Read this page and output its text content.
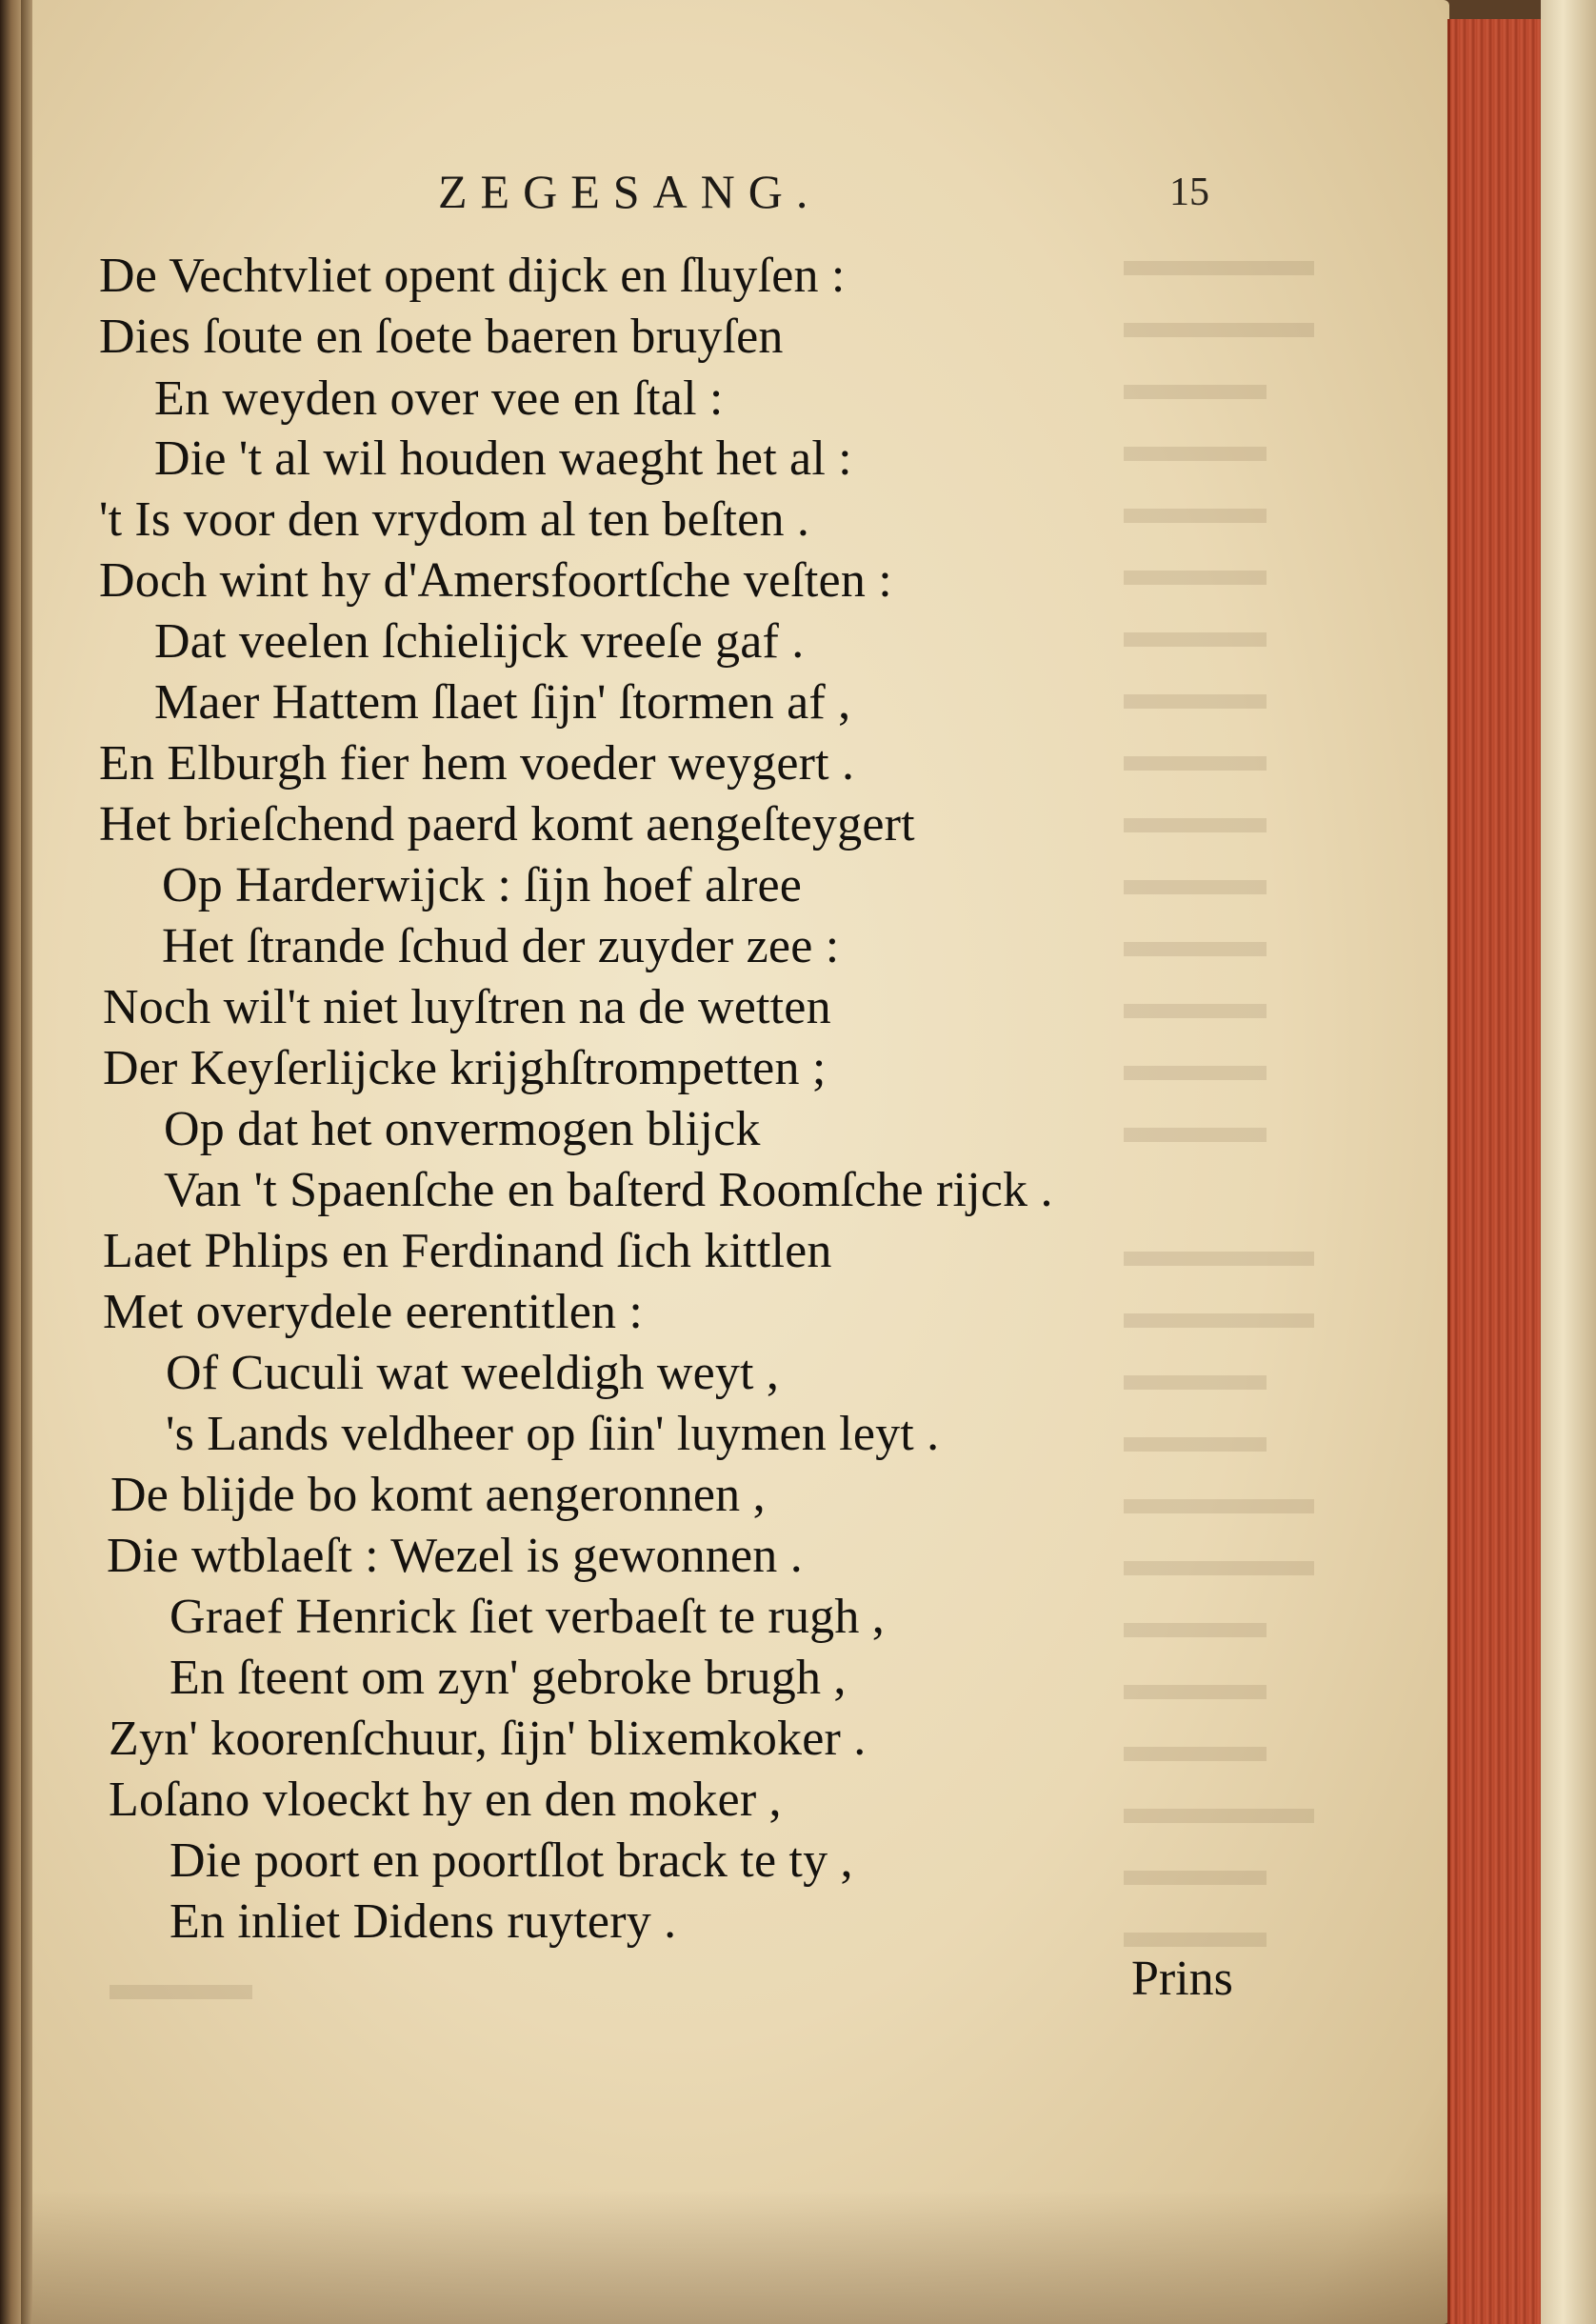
▬▬▬
ZEGESANG.	15
De Vechtvliet opent dijck en ſluyſen :
Dies ſoute en ſoete baeren bruyſen
En weyden over vee en ſtal :
Die 't al wil houden waeght het al :
't Is voor den vrydom al ten beſten .
Doch wint hy d'Amersfoortſche veſten :
Dat veelen ſchielijck vreeſe gaf .
Maer Hattem ſlaet ſijn' ſtormen af ,
En Elburgh fier hem voeder weygert .
Het brieſchend paerd komt aengeſteygert
Op Harderwijck : ſijn hoef alree
Het ſtrande ſchud der zuyder zee :
Noch wil't niet luyſtren na de wetten
Der Keyſerlijcke krijghſtrompetten ;
Op dat het onvermogen blijck
Van 't Spaenſche en baſterd Roomſche rijck .
Laet Phlips en Ferdinand ſich kittlen
Met overydele eerentitlen :
Of Cuculi wat weeldigh weyt ,
's Lands veldheer op ſiin' luymen leyt .
De blijde bo komt aengeronnen ,
Die wtblaeſt : Wezel is gewonnen .
Graef Henrick ſiet verbaeſt te rugh ,
En ſteent om zyn' gebroke brugh ,
Zyn' koorenſchuur, ſijn' blixemkoker .
Loſano vloeckt hy en den moker ,
Die poort en poortſlot brack te ty ,
En inliet Didens ruytery .
Prins
